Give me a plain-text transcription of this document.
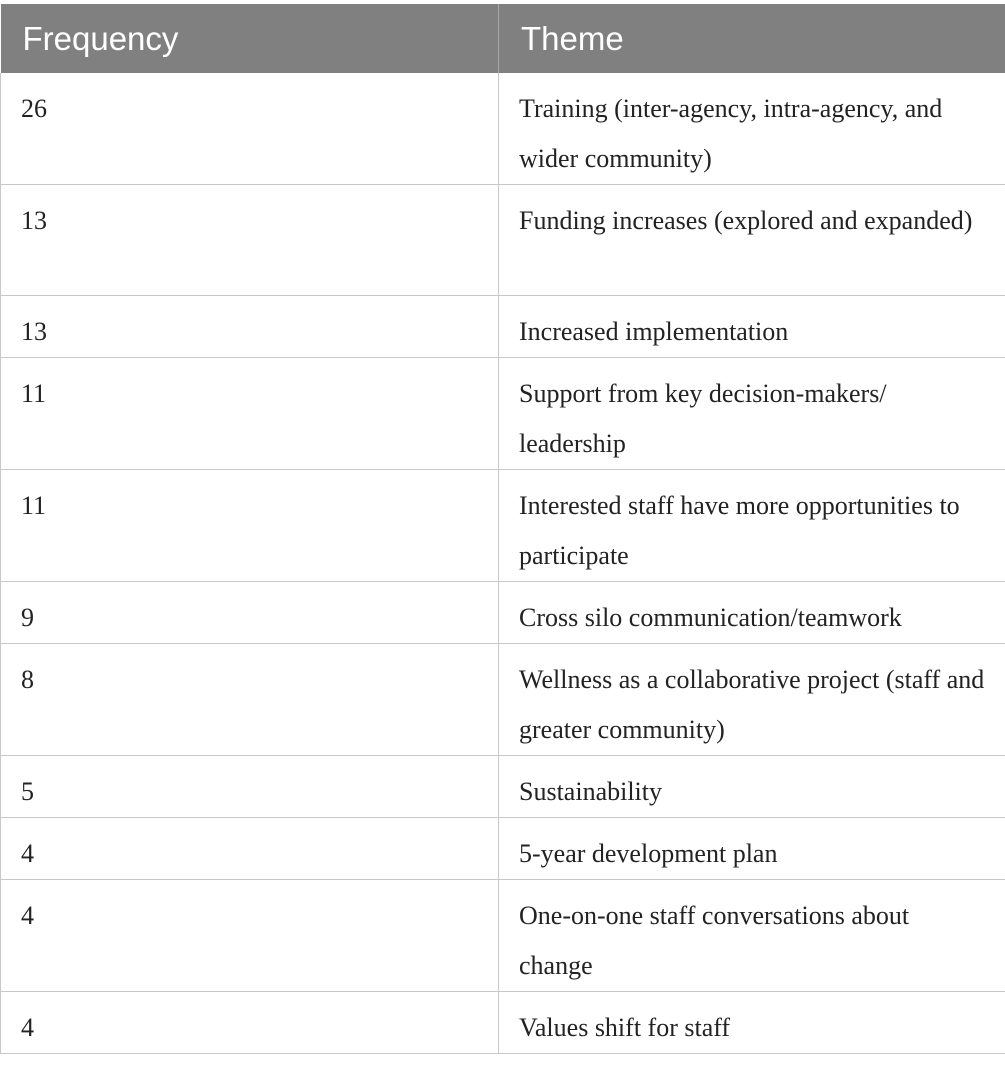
Frequency	Theme
26	Training (inter-agency, intra-agency, and wider community)
13	Funding increases (explored and expanded)
13	Increased implementation
11	Support from key decision-makers/ leadership
11	Interested staff have more opportunities to participate
9	Cross silo communication/teamwork
8	Wellness as a collaborative project (staff and greater community)
5	Sustainability
4	5-year development plan
4	One-on-one staff conversations about change
4	Values shift for staff
